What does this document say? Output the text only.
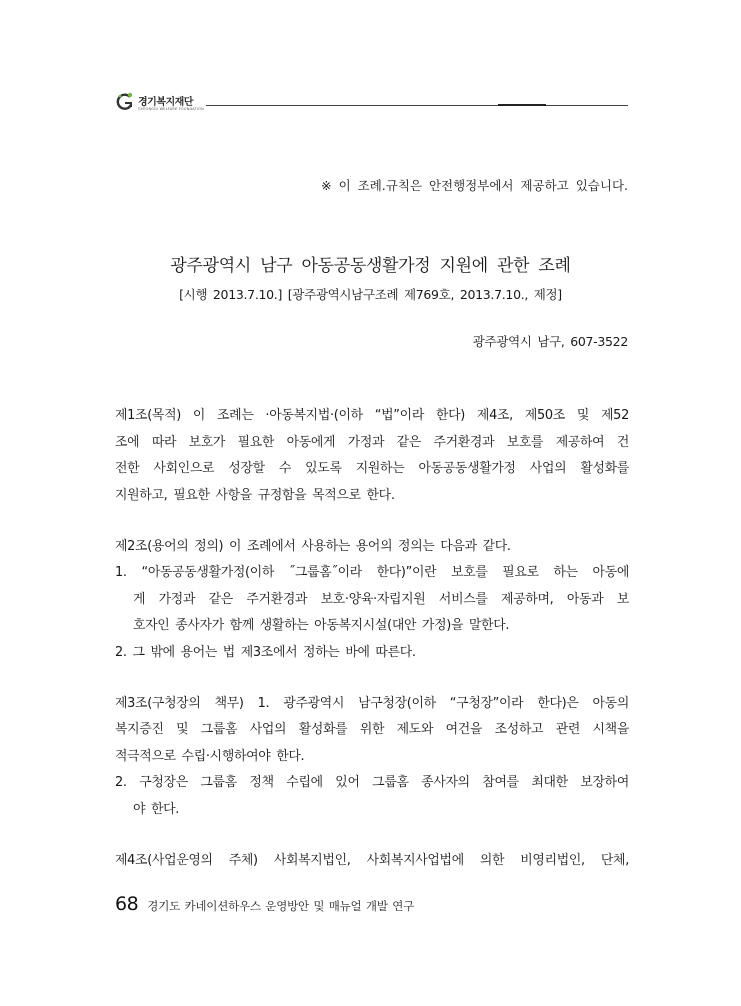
경기복지재단
GYEONGGI WELFARE FOUNDATION
※ 이 조례.규칙은 안전행정부에서 제공하고 있습니다.
광주광역시 남구 아동공동생활가정 지원에 관한 조례
[시행 2013.7.10.] [광주광역시남구조례 제769호, 2013.7.10., 제정]
광주광역시 남구, 607-3522
제1조(목적) 이 조례는 ·아동복지법·(이하 “법”이라 한다) 제4조, 제50조 및 제52
조에 따라 보호가 필요한 아동에게 가정과 같은 주거환경과 보호를 제공하여 건
전한 사회인으로 성장할 수 있도록 지원하는 아동공동생활가정 사업의 활성화를
지원하고, 필요한 사항을 규정함을 목적으로 한다.
제2조(용어의 정의) 이 조례에서 사용하는 용어의 정의는 다음과 같다.
1. “아동공동생활가정(이하 ˝그룹홈˝이라 한다)”이란 보호를 필요로 하는 아동에
게 가정과 같은 주거환경과 보호·양육·자립지원 서비스를 제공하며, 아동과 보
호자인 종사자가 함께 생활하는 아동복지시설(대안 가정)을 말한다.
2. 그 밖에 용어는 법 제3조에서 정하는 바에 따른다.
제3조(구청장의 책무) 1. 광주광역시 남구청장(이하 “구청장”이라 한다)은 아동의
복지증진 및 그룹홈 사업의 활성화를 위한 제도와 여건을 조성하고 관련 시책을
적극적으로 수립·시행하여야 한다.
2. 구청장은 그룹홈 정책 수립에 있어 그룹홈 종사자의 참여를 최대한 보장하여
야 한다.
제4조(사업운영의 주체) 사회복지법인, 사회복지사업법에 의한 비영리법인, 단체,
68 경기도 카네이션하우스 운영방안 및 매뉴얼 개발 연구
